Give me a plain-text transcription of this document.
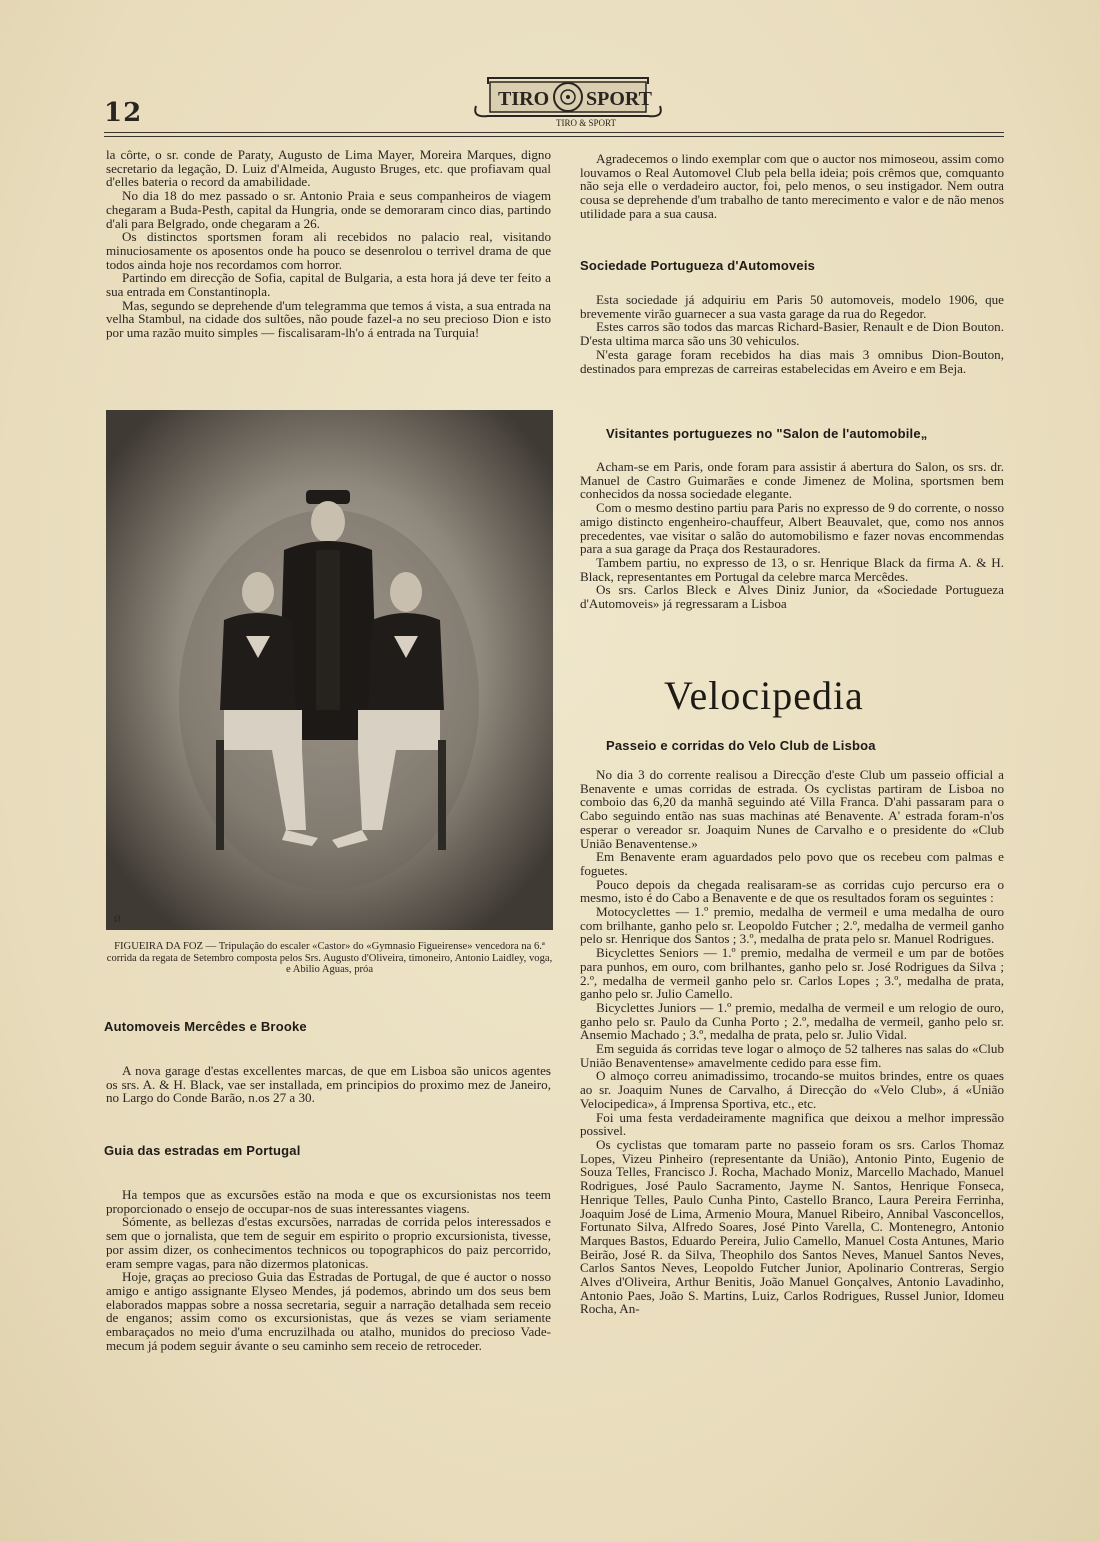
12	TIRO SPORT
TIRO & SPORT

la côrte, o sr. conde de Paraty, Augusto de Lima Mayer, Moreira Marques, digno secretario da legação, D. Luiz d'Almeida, Augusto Bruges, etc. que profiavam qual d'elles bateria o record da amabilidade.

No dia 18 do mez passado o sr. Antonio Praia e seus companheiros de viagem chegaram a Buda-Pesth, capital da Hungria, onde se demoraram cinco dias, partindo d'ali para Belgrado, onde chegaram a 26.

Os distinctos sportsmen foram ali recebidos no palacio real, visitando minuciosamente os aposentos onde ha pouco se desenrolou o terrivel drama de que todos ainda hoje nos recordamos com horror.

Partindo em direcção de Sofia, capital de Bulgaria, a esta hora já deve ter feito a sua entrada em Constantinopla.

Mas, segundo se deprehende d'um telegramma que temos á vista, a sua entrada na velha Stambul, na cidade dos sultões, não poude fazel-a no seu precioso Dion e isto por uma razão muito simples — fiscalisaram-lh'o á entrada na Turquia!

Ø
FIGUEIRA DA FOZ — Tripulação do escaler «Castor» do «Gymnasio Figueirense» vencedora na 6.ª corrida da regata de Setembro composta pelos Srs. Augusto d'Oliveira, timoneiro, Antonio Laidley, voga, e Abilio Aguas, próa
Automoveis Mercêdes e Brooke

A nova garage d'estas excellentes marcas, de que em Lisboa são unicos agentes os srs. A. & H. Black, vae ser installada, em principios do proximo mez de Janeiro, no Largo do Conde Barão, n.os 27 a 30.

Guia das estradas em Portugal

Ha tempos que as excursões estão na moda e que os excursionistas nos teem proporcionado o ensejo de occupar-nos de suas interessantes viagens.

Sómente, as bellezas d'estas excursões, narradas de corrida pelos interessados e sem que o jornalista, que tem de seguir em espirito o proprio excursionista, tivesse, por assim dizer, os conhecimentos technicos ou topographicos do paiz percorrido, eram sempre vagas, para não dizermos platonicas.

Hoje, graças ao precioso Guia das Estradas de Portugal, de que é auctor o nosso amigo e antigo assignante Elyseo Mendes, já podemos, abrindo um dos seus bem elaborados mappas sobre a nossa secretaria, seguir a narração detalhada sem receio de enganos; assim como os excursionistas, que ás vezes se viam seriamente embaraçados no meio d'uma encruzilhada ou atalho, munidos do precioso Vade-mecum já podem seguir ávante o seu caminho sem receio de retroceder.

Agradecemos o lindo exemplar com que o auctor nos mimoseou, assim como louvamos o Real Automovel Club pela bella ideia; pois crêmos que, comquanto não seja elle o verdadeiro auctor, foi, pelo menos, o seu instigador. Nem outra cousa se deprehende d'um trabalho de tanto merecimento e valor e de não menos utilidade para a sua causa.

Sociedade Portugueza d'Automoveis

Esta sociedade já adquiriu em Paris 50 automoveis, modelo 1906, que brevemente virão guarnecer a sua vasta garage da rua do Regedor.

Estes carros são todos das marcas Richard-Basier, Renault e de Dion Bouton. D'esta ultima marca são uns 30 vehiculos.

N'esta garage foram recebidos ha dias mais 3 omnibus Dion-Bouton, destinados para emprezas de carreiras estabelecidas em Aveiro e em Beja.

Visitantes portuguezes no "Salon de l'automobile„

Acham-se em Paris, onde foram para assistir á abertura do Salon, os srs. dr. Manuel de Castro Guimarães e conde Jimenez de Molina, sportsmen bem conhecidos da nossa sociedade elegante.

Com o mesmo destino partiu para Paris no expresso de 9 do corrente, o nosso amigo distincto engenheiro-chauffeur, Albert Beauvalet, que, como nos annos precedentes, vae visitar o salão do automobilismo e fazer novas encommendas para a sua garage da Praça dos Restauradores.

Tambem partiu, no expresso de 13, o sr. Henrique Black da firma A. & H. Black, representantes em Portugal da celebre marca Mercêdes.

Os srs. Carlos Bleck e Alves Diniz Junior, da «Sociedade Portugueza d'Automoveis» já regressaram a Lisboa

Velocipedia
Passeio e corridas do Velo Club de Lisboa

No dia 3 do corrente realisou a Direcção d'este Club um passeio official a Benavente e umas corridas de estrada. Os cyclistas partiram de Lisboa no comboio das 6,20 da manhã seguindo até Villa Franca. D'ahi passaram para o Cabo seguindo então nas suas machinas até Benavente. A' estrada foram-n'os esperar o vereador sr. Joaquim Nunes de Carvalho e o presidente do «Club União Benaventense.»

Em Benavente eram aguardados pelo povo que os recebeu com palmas e foguetes.

Pouco depois da chegada realisaram-se as corridas cujo percurso era o mesmo, isto é do Cabo a Benavente e de que os resultados foram os seguintes :

Motocyclettes — 1.º premio, medalha de vermeil e uma medalha de ouro com brilhante, ganho pelo sr. Leopoldo Futcher ; 2.º, medalha de vermeil ganho pelo sr. Henrique dos Santos ; 3.º, medalha de prata pelo sr. Manuel Rodrigues.

Bicyclettes Seniors — 1.º premio, medalha de vermeil e um par de botões para punhos, em ouro, com brilhantes, ganho pelo sr. José Rodrigues da Silva ; 2.º, medalha de vermeil ganho pelo sr. Carlos Lopes ; 3.º, medalha de prata, ganho pelo sr. Julio Camello.

Bicyclettes Juniors — 1.º premio, medalha de vermeil e um relogio de ouro, ganho pelo sr. Paulo da Cunha Porto ; 2.º, medalha de vermeil, ganho pelo sr. Ansemio Machado ; 3.º, medalha de prata, pelo sr. Julio Vidal.

Em seguida ás corridas teve logar o almoço de 52 talheres nas salas do «Club União Benaventense» amavelmente cedido para esse fim.

O almoço correu animadissimo, trocando-se muitos brindes, entre os quaes ao sr. Joaquim Nunes de Carvalho, á Direcção do «Velo Club», á «União Velocipedica», á Imprensa Sportiva, etc., etc.

Foi uma festa verdadeiramente magnifica que deixou a melhor impressão possivel.

Os cyclistas que tomaram parte no passeio foram os srs. Carlos Thomaz Lopes, Vizeu Pinheiro (representante da União), Antonio Pinto, Eugenio de Souza Telles, Francisco J. Rocha, Machado Moniz, Marcello Machado, Manuel Rodrigues, José Paulo Sacramento, Jayme N. Santos, Henrique Fonseca, Henrique Telles, Paulo Cunha Pinto, Castello Branco, Laura Pereira Ferrinha, Joaquim José de Lima, Armenio Moura, Manuel Ribeiro, Annibal Vasconcellos, Fortunato Silva, Alfredo Soares, José Pinto Varella, C. Montenegro, Antonio Marques Bastos, Eduardo Pereira, Julio Camello, Manuel Costa Antunes, Mario Beirão, José R. da Silva, Theophilo dos Santos Neves, Manuel Santos Neves, Carlos Santos Neves, Leopoldo Futcher Junior, Apolinario Contreras, Sergio Alves d'Oliveira, Arthur Benitis, João Manuel Gonçalves, Antonio Lavadinho, Antonio Paes, João S. Martins, Luiz, Carlos Rodrigues, Russel Junior, Idomeu Rocha, An-
